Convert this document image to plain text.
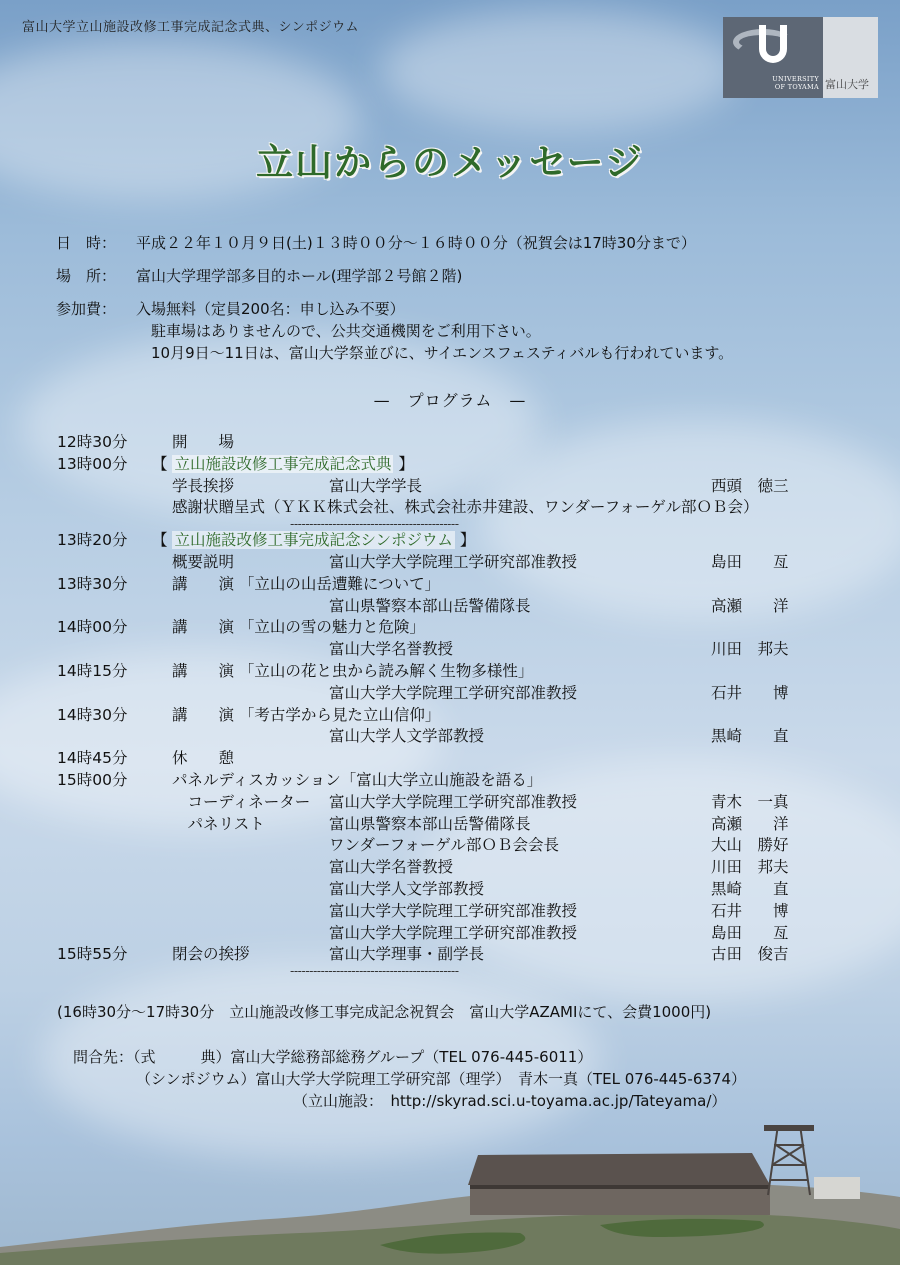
富山大学立山施設改修工事完成記念式典、シンポジウム
UNIVERSITY
OF TOYAMA 富山大学
立山からのメッセージ
日　時：	平成２２年１０月９日(土)１３時００分～１６時００分（祝賀会は17時30分まで）
場　所：	富山大学理学部多目的ホール(理学部２号館２階)
参加費：	入場無料（定員200名：申し込み不要）
　駐車場はありませんので、公共交通機関をご利用下さい。
　10月9日～11日は、富山大学祭並びに、サイエンスフェスティバルも行われています。
—　プログラム　—
12時30分	開　　場
13時00分 【 立山施設改修工事完成記念式典 】
学長挨拶	富山大学学長	西頭　徳三
感謝状贈呈式（ＹＫＫ株式会社、株式会社赤井建設、ワンダーフォーゲル部ＯＢ会）
--------------------------------------------
13時20分 【 立山施設改修工事完成記念シンポジウム 】
概要説明	富山大学大学院理工学研究部准教授	島田　　亙
13時30分	講　　演 「立山の山岳遭難について」
富山県警察本部山岳警備隊長	高瀬　　洋
14時00分	講　　演 「立山の雪の魅力と危険」
富山大学名誉教授	川田　邦夫
14時15分	講　　演 「立山の花と虫から読み解く生物多様性」
富山大学大学院理工学研究部准教授	石井　　博
14時30分	講　　演 「考古学から見た立山信仰」
富山大学人文学部教授	黒崎　　直
14時45分	休　　憩
15時00分	パネルディスカッション「富山大学立山施設を語る」
　コーディネーター 富山大学大学院理工学研究部准教授	青木　一真
　パネリスト	富山県警察本部山岳警備隊長	高瀬　　洋
ワンダーフォーゲル部ＯＢ会会長	大山　勝好
富山大学名誉教授	川田　邦夫
富山大学人文学部教授	黒崎　　直
富山大学大学院理工学研究部准教授	石井　　博
富山大学大学院理工学研究部准教授	島田　　亙
15時55分	閉会の挨拶	富山大学理事・副学長	古田　俊吉
--------------------------------------------
(16時30分～17時30分　立山施設改修工事完成記念祝賀会　富山大学AZAMIにて、会費1000円)
問合先：（式　　　典）富山大学総務部総務グループ（TEL 076-445-6011）
（シンポジウム）富山大学大学院理工学研究部（理学）　青木一真（TEL 076-445-6374）
（立山施設：　http://skyrad.sci.u-toyama.ac.jp/Tateyama/）
